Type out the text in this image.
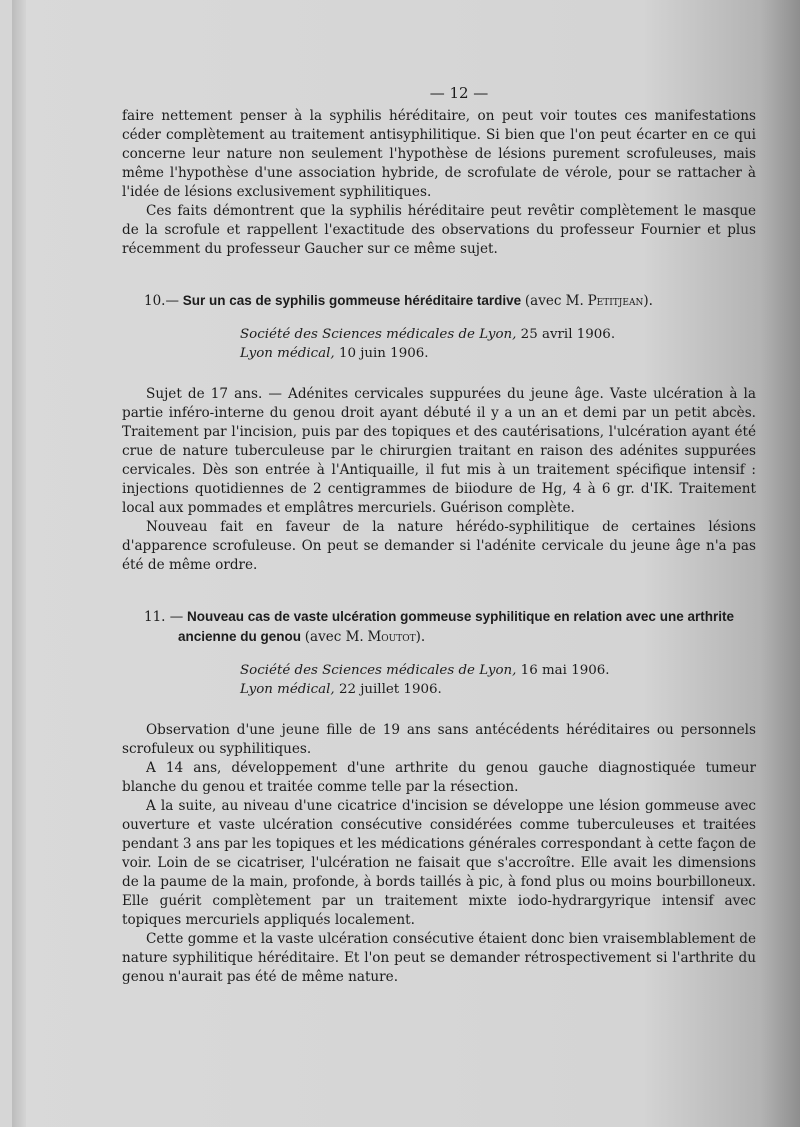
— 12 —

faire nettement penser à la syphilis héréditaire, on peut voir toutes ces manifestations céder complètement au traitement antisyphilitique. Si bien que l'on peut écarter en ce qui concerne leur nature non seulement l'hypothèse de lésions purement scrofuleuses, mais même l'hypothèse d'une association hybride, de scrofulate de vérole, pour se rattacher à l'idée de lésions exclusivement syphilitiques.

Ces faits démontrent que la syphilis héréditaire peut revêtir complètement le masque de la scrofule et rappellent l'exactitude des observations du professeur Fournier et plus récemment du professeur Gaucher sur ce même sujet.

10.— Sur un cas de syphilis gommeuse héréditaire tardive (avec M. Petitjean).
Société des Sciences médicales de Lyon, 25 avril 1906.
Lyon médical, 10 juin 1906.

Sujet de 17 ans. — Adénites cervicales suppurées du jeune âge. Vaste ulcération à la partie inféro-interne du genou droit ayant débuté il y a un an et demi par un petit abcès. Traitement par l'incision, puis par des topiques et des cautérisations, l'ulcération ayant été crue de nature tuberculeuse par le chirurgien traitant en raison des adénites suppurées cervicales. Dès son entrée à l'Antiquaille, il fut mis à un traitement spécifique intensif : injections quotidiennes de 2 centigrammes de biiodure de Hg, 4 à 6 gr. d'IK. Traitement local aux pommades et emplâtres mercuriels. Guérison complète.

Nouveau fait en faveur de la nature hérédo-syphilitique de certaines lésions d'apparence scrofuleuse. On peut se demander si l'adénite cervicale du jeune âge n'a pas été de même ordre.

11. — Nouveau cas de vaste ulcération gommeuse syphilitique en relation avec une arthrite ancienne du genou (avec M. Moutot).
Société des Sciences médicales de Lyon, 16 mai 1906.
Lyon médical, 22 juillet 1906.

Observation d'une jeune fille de 19 ans sans antécédents héréditaires ou personnels scrofuleux ou syphilitiques.

A 14 ans, développement d'une arthrite du genou gauche diagnostiquée tumeur blanche du genou et traitée comme telle par la résection.

A la suite, au niveau d'une cicatrice d'incision se développe une lésion gommeuse avec ouverture et vaste ulcération consécutive considérées comme tuberculeuses et traitées pendant 3 ans par les topiques et les médications générales correspondant à cette façon de voir. Loin de se cicatriser, l'ulcération ne faisait que s'accroître. Elle avait les dimensions de la paume de la main, profonde, à bords taillés à pic, à fond plus ou moins bourbilloneux. Elle guérit complètement par un traitement mixte iodo-hydrargyrique intensif avec topiques mercuriels appliqués localement.

Cette gomme et la vaste ulcération consécutive étaient donc bien vraisemblablement de nature syphilitique héréditaire. Et l'on peut se demander rétrospectivement si l'arthrite du genou n'aurait pas été de même nature.
